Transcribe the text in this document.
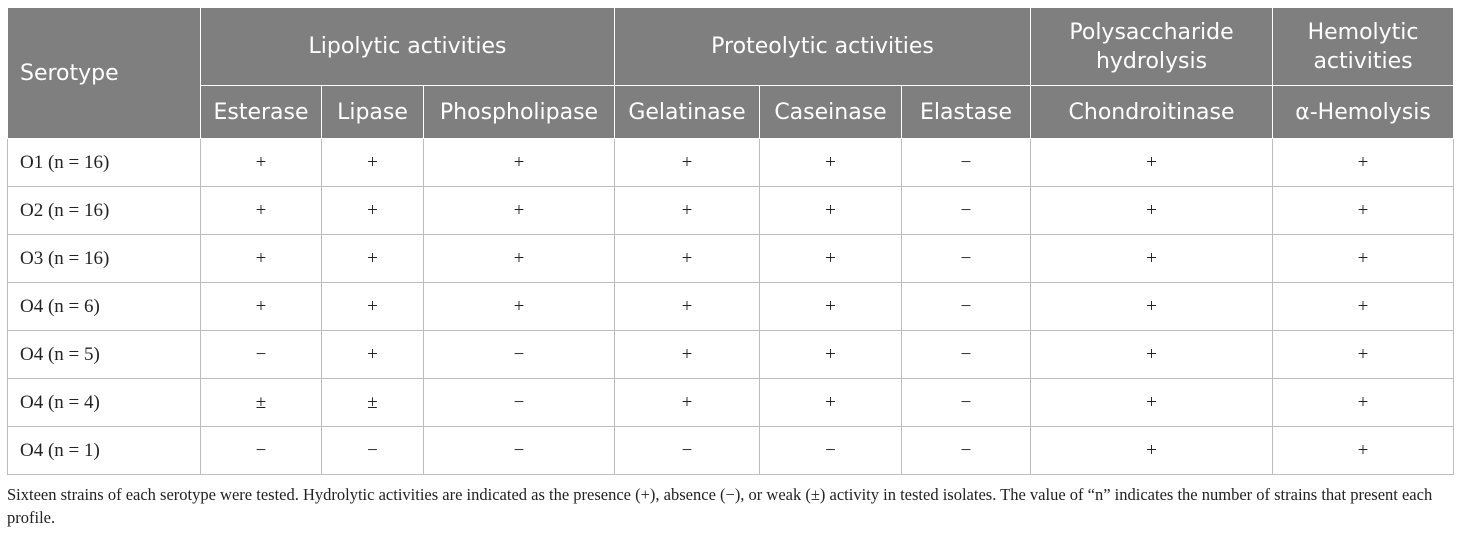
Serotype	Lipolytic activities			Proteolytic activities			Polysaccharide hydrolysis	Hemolytic activities
	Esterase	Lipase	Phospholipase	Gelatinase	Caseinase	Elastase	Chondroitinase	α-Hemolysis
O1 (n = 16)	+	+	+	+	+	−	+	+
O2 (n = 16)	+	+	+	+	+	−	+	+
O3 (n = 16)	+	+	+	+	+	−	+	+
O4 (n = 6)	+	+	+	+	+	−	+	+
O4 (n = 5)	−	+	−	+	+	−	+	+
O4 (n = 4)	±	±	−	+	+	−	+	+
O4 (n = 1)	−	−	−	−	−	−	+	+

Sixteen strains of each serotype were tested. Hydrolytic activities are indicated as the presence (+), absence (−), or weak (±) activity in tested isolates. The value of “n” indicates the number of strains that present each profile.
